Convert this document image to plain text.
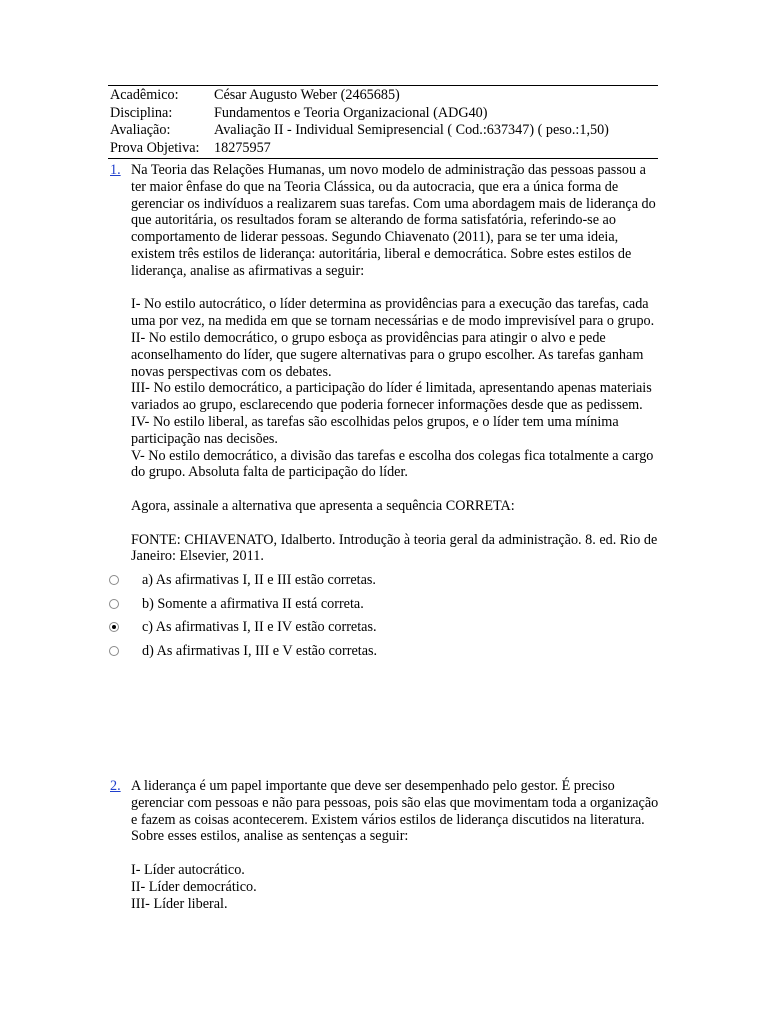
Acadêmico:	César Augusto Weber (2465685)
Disciplina:	Fundamentos e Teoria Organizacional (ADG40)
Avaliação:	Avaliação II - Individual Semipresencial ( Cod.:637347) ( peso.:1,50)
Prova Objetiva:	18275957
1. Na Teoria das Relações Humanas, um novo modelo de administração das pessoas passou a ter maior ênfase do que na Teoria Clássica, ou da autocracia, que era a única forma de gerenciar os indivíduos a realizarem suas tarefas. Com uma abordagem mais de liderança do que autoritária, os resultados foram se alterando de forma satisfatória, referindo-se ao comportamento de liderar pessoas. Segundo Chiavenato (2011), para se ter uma ideia, existem três estilos de liderança: autoritária, liberal e democrática. Sobre estes estilos de liderança, analise as afirmativas a seguir:

I- No estilo autocrático, o líder determina as providências para a execução das tarefas, cada uma por vez, na medida em que se tornam necessárias e de modo imprevisível para o grupo.

II- No estilo democrático, o grupo esboça as providências para atingir o alvo e pede aconselhamento do líder, que sugere alternativas para o grupo escolher. As tarefas ganham novas perspectivas com os debates.

III- No estilo democrático, a participação do líder é limitada, apresentando apenas materiais variados ao grupo, esclarecendo que poderia fornecer informações desde que as pedissem.

IV- No estilo liberal, as tarefas são escolhidas pelos grupos, e o líder tem uma mínima participação nas decisões.

V- No estilo democrático, a divisão das tarefas e escolha dos colegas fica totalmente a cargo do grupo. Absoluta falta de participação do líder.

Agora, assinale a alternativa que apresenta a sequência CORRETA:

FONTE: CHIAVENATO, Idalberto. Introdução à teoria geral da administração. 8. ed. Rio de Janeiro: Elsevier, 2011.

a) As afirmativas I, II e III estão corretas.
b) Somente a afirmativa II está correta.
c) As afirmativas I, II e IV estão corretas.
d) As afirmativas I, III e V estão corretas.
2. A liderança é um papel importante que deve ser desempenhado pelo gestor. É preciso gerenciar com pessoas e não para pessoas, pois são elas que movimentam toda a organização e fazem as coisas acontecerem. Existem vários estilos de liderança discutidos na literatura. Sobre esses estilos, analise as sentenças a seguir:

I- Líder autocrático.

II- Líder democrático.

III- Líder liberal.
